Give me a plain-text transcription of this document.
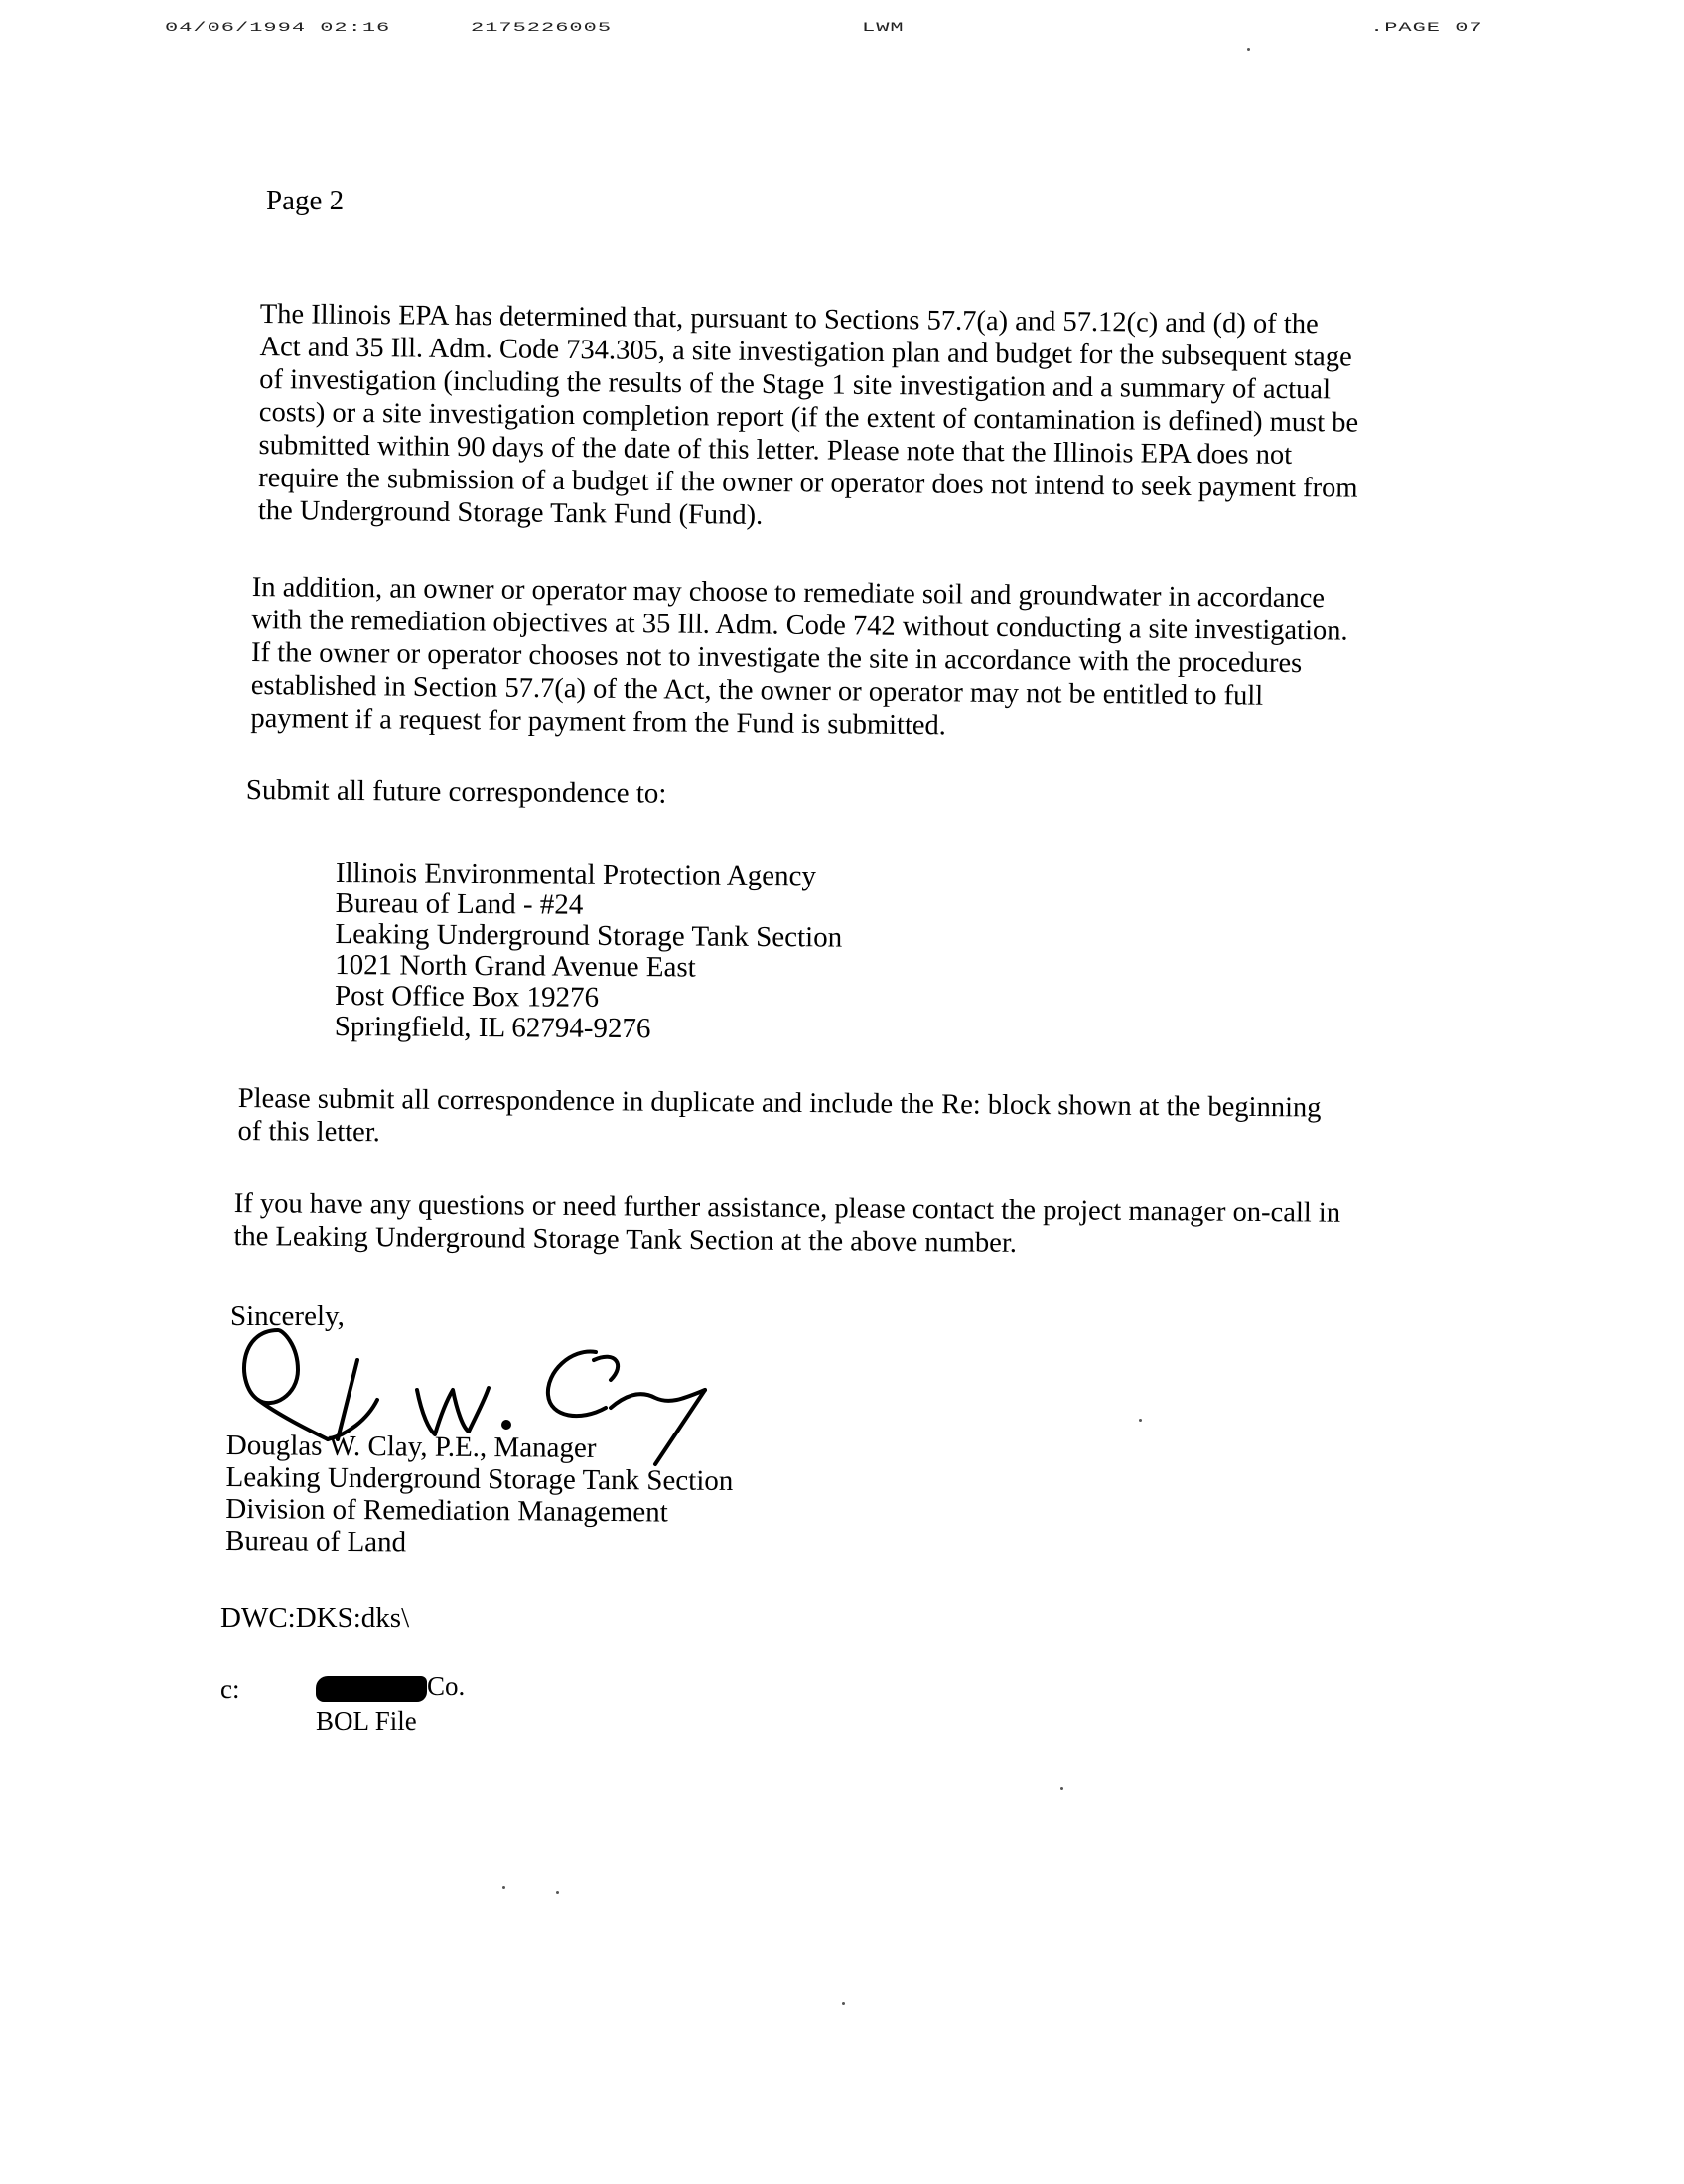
04/06/1994 02:16	2175226005	LWM	.PAGE 07
Page 2
The Illinois EPA has determined that, pursuant to Sections 57.7(a) and 57.12(c) and (d) of the
Act and 35 Ill. Adm. Code 734.305, a site investigation plan and budget for the subsequent stage
of investigation (including the results of the Stage 1 site investigation and a summary of actual
costs) or a site investigation completion report (if the extent of contamination is defined) must be
submitted within 90 days of the date of this letter. Please note that the Illinois EPA does not
require the submission of a budget if the owner or operator does not intend to seek payment from
the Underground Storage Tank Fund (Fund).
In addition, an owner or operator may choose to remediate soil and groundwater in accordance
with the remediation objectives at 35 Ill. Adm. Code 742 without conducting a site investigation.
If the owner or operator chooses not to investigate the site in accordance with the procedures
established in Section 57.7(a) of the Act, the owner or operator may not be entitled to full
payment if a request for payment from the Fund is submitted.
Submit all future correspondence to:
Illinois Environmental Protection Agency
Bureau of Land - #24
Leaking Underground Storage Tank Section
1021 North Grand Avenue East
Post Office Box 19276
Springfield, IL 62794-9276
Please submit all correspondence in duplicate and include the Re: block shown at the beginning
of this letter.
If you have any questions or need further assistance, please contact the project manager on-call in
the Leaking Underground Storage Tank Section at the above number.
Sincerely,
Douglas W. Clay, P.E., Manager
Leaking Underground Storage Tank Section
Division of Remediation Management
Bureau of Land
DWC:DKS:dks\
c:	Co.
BOL File
